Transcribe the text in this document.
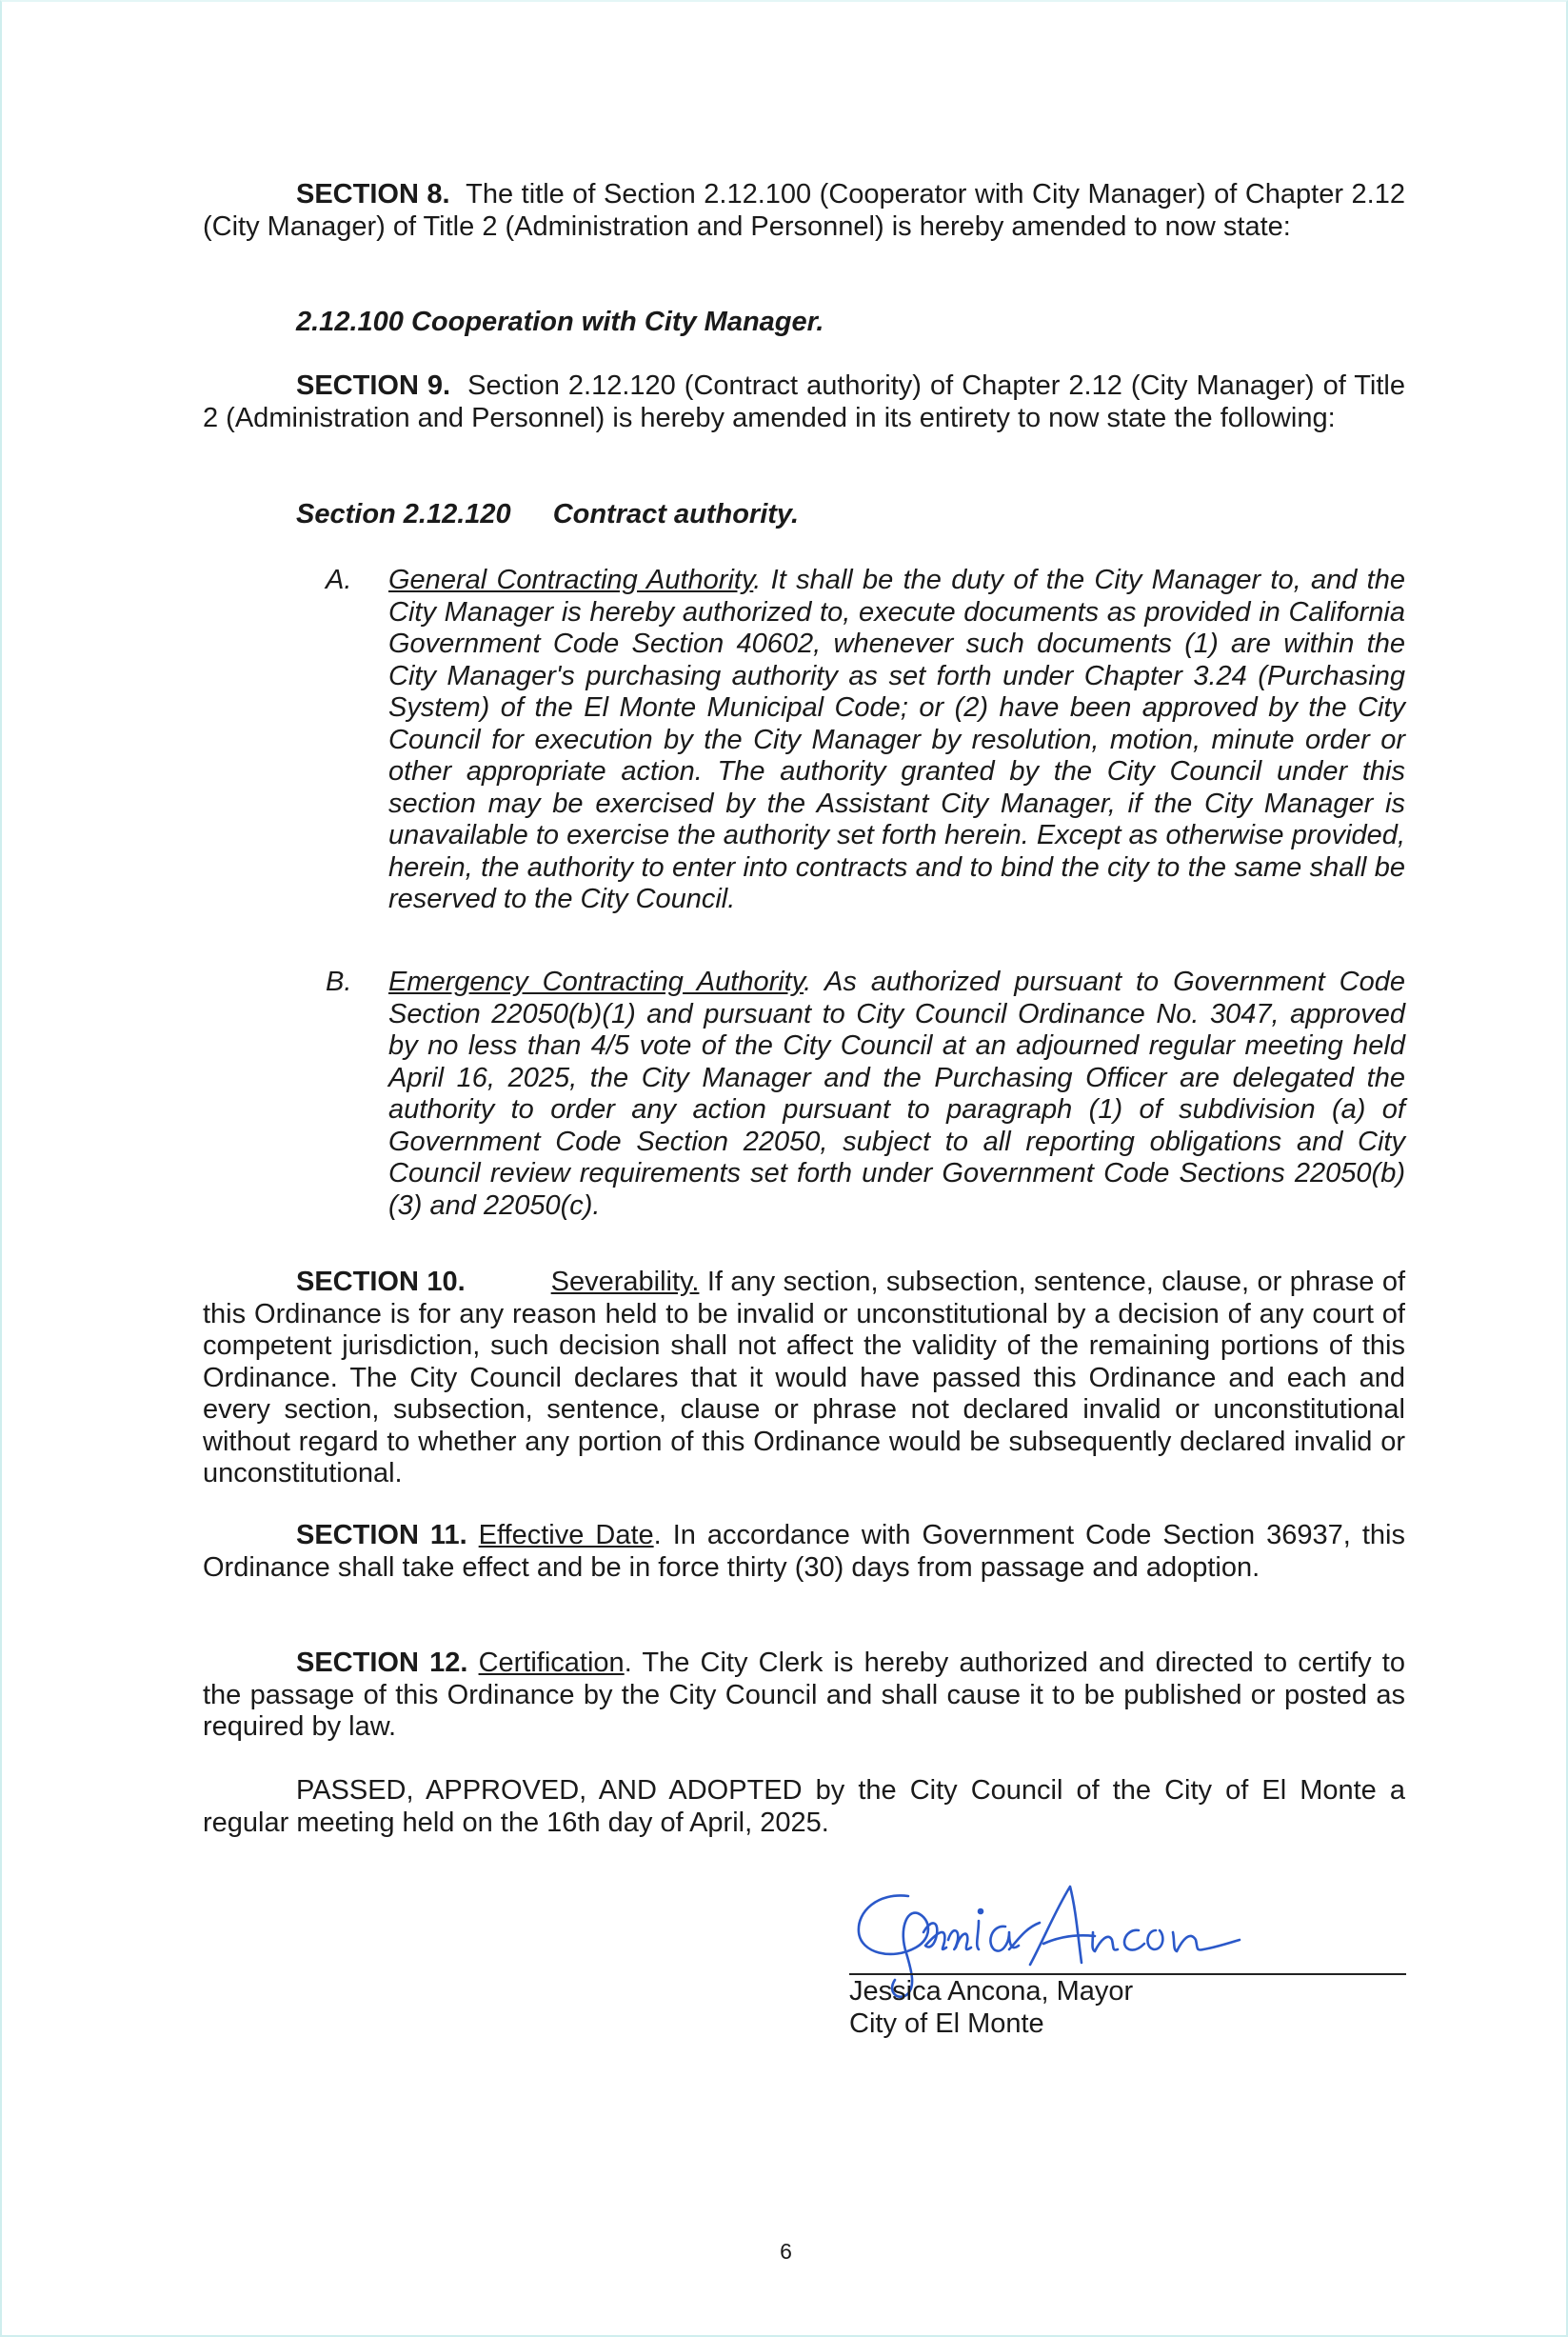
SECTION 8. The title of Section 2.12.100 (Cooperator with City Manager) of Chapter 2.12 (City Manager) of Title 2 (Administration and Personnel) is hereby amended to now state:

2.12.100 Cooperation with City Manager.

SECTION 9. Section 2.12.120 (Contract authority) of Chapter 2.12 (City Manager) of Title 2 (Administration and Personnel) is hereby amended in its entirety to now state the following:

Section 2.12.120 Contract authority.

A. General Contracting Authority. It shall be the duty of the City Manager to, and the City Manager is hereby authorized to, execute documents as provided in California Government Code Section 40602, whenever such documents (1) are within the City Manager's purchasing authority as set forth under Chapter 3.24 (Purchasing System) of the El Monte Municipal Code; or (2) have been approved by the City Council for execution by the City Manager by resolution, motion, minute order or other appropriate action. The authority granted by the City Council under this section may be exercised by the Assistant City Manager, if the City Manager is unavailable to exercise the authority set forth herein. Except as otherwise provided, herein, the authority to enter into contracts and to bind the city to the same shall be reserved to the City Council.

B. Emergency Contracting Authority. As authorized pursuant to Government Code Section 22050(b)(1) and pursuant to City Council Ordinance No. 3047, approved by no less than 4/5 vote of the City Council at an adjourned regular meeting held April 16, 2025, the City Manager and the Purchasing Officer are delegated the authority to order any action pursuant to paragraph (1) of subdivision (a) of Government Code Section 22050, subject to all reporting obligations and City Council review requirements set forth under Government Code Sections 22050(b)(3) and 22050(c).

SECTION 10.	Severability. If any section, subsection, sentence, clause, or phrase of this Ordinance is for any reason held to be invalid or unconstitutional by a decision of any court of competent jurisdiction, such decision shall not affect the validity of the remaining portions of this Ordinance. The City Council declares that it would have passed this Ordinance and each and every section, subsection, sentence, clause or phrase not declared invalid or unconstitutional without regard to whether any portion of this Ordinance would be subsequently declared invalid or unconstitutional.

SECTION 11. Effective Date. In accordance with Government Code Section 36937, this Ordinance shall take effect and be in force thirty (30) days from passage and adoption.

SECTION 12. Certification. The City Clerk is hereby authorized and directed to certify to the passage of this Ordinance by the City Council and shall cause it to be published or posted as required by law.

PASSED, APPROVED, AND ADOPTED by the City Council of the City of El Monte a regular meeting held on the 16th day of April, 2025.

Jessica Ancona, Mayor

City of El Monte

6
